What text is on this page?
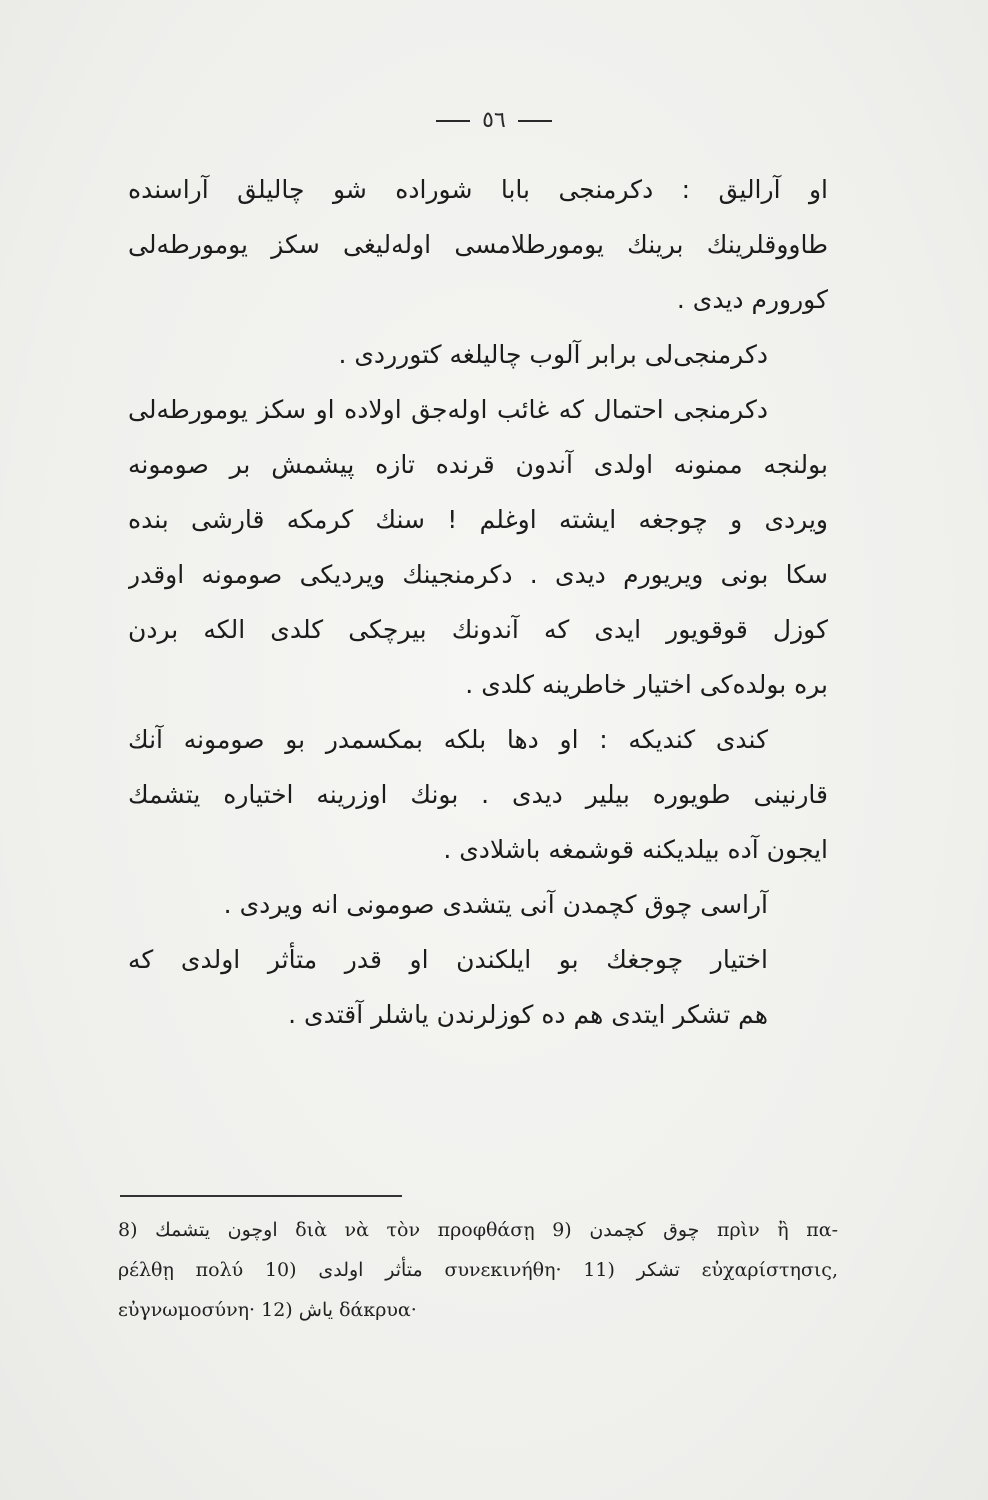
٥٦
او آراليق : دكرمنجى بابا شوراده شو چاليلق آراسنده
طاووقلرينك برينك يومورطلامسى اوله‌ليغى سكز يومورطه‌لى
كورورم ديدى .
دكرمنجى‌لى برابر آلوب چاليلغه كتورردى .
دكرمنجى احتمال كه غائب اوله‌جق اولاده او سكز يومورطه‌لى
بولنجه ممنونه اولدى آندون قرنده تازه پيشمش بر صومونه
ويردى و چوجغه ايشته اوغلم ! سنك كرمكه قارشى بنده
سكا بونى ويريورم ديدى . دكرمنجينك ويرديكى صومونه اوقدر
كوزل قوقويور ايدى كه آندونك بيرچكى كلدى الكه بردن
بره بولده‌كى اختيار خاطرينه كلدى .
كندى كنديكه : او دها بلكه بمكسمدر بو صومونه آنك
قارنينى طويوره بيلير ديدى . بونك اوزرينه اختياره يتشمك
ايجون آده بيلديكنه قوشمغه باشلادى .
آراسى چوق كچمدن آنى يتشدى صومونى انه ويردى .
اختيار چوجغك بو ايلكندن او قدر متأثر اولدى كه
هم تشكر ايتدى هم ده كوزلرندن ياشلر آقتدى .
8) اوچون يتشمك διὰ νὰ τὸν προφθάσῃ 9) چوق كچمدن πρὶν ἢ πα-
ρέλθῃ πολύ 10) متأثر اولدى συνεκινήθη· 11) تشكر εὐχαρίστησις,
εὐγνωμοσύνη· 12) ياش δάκρυα·
